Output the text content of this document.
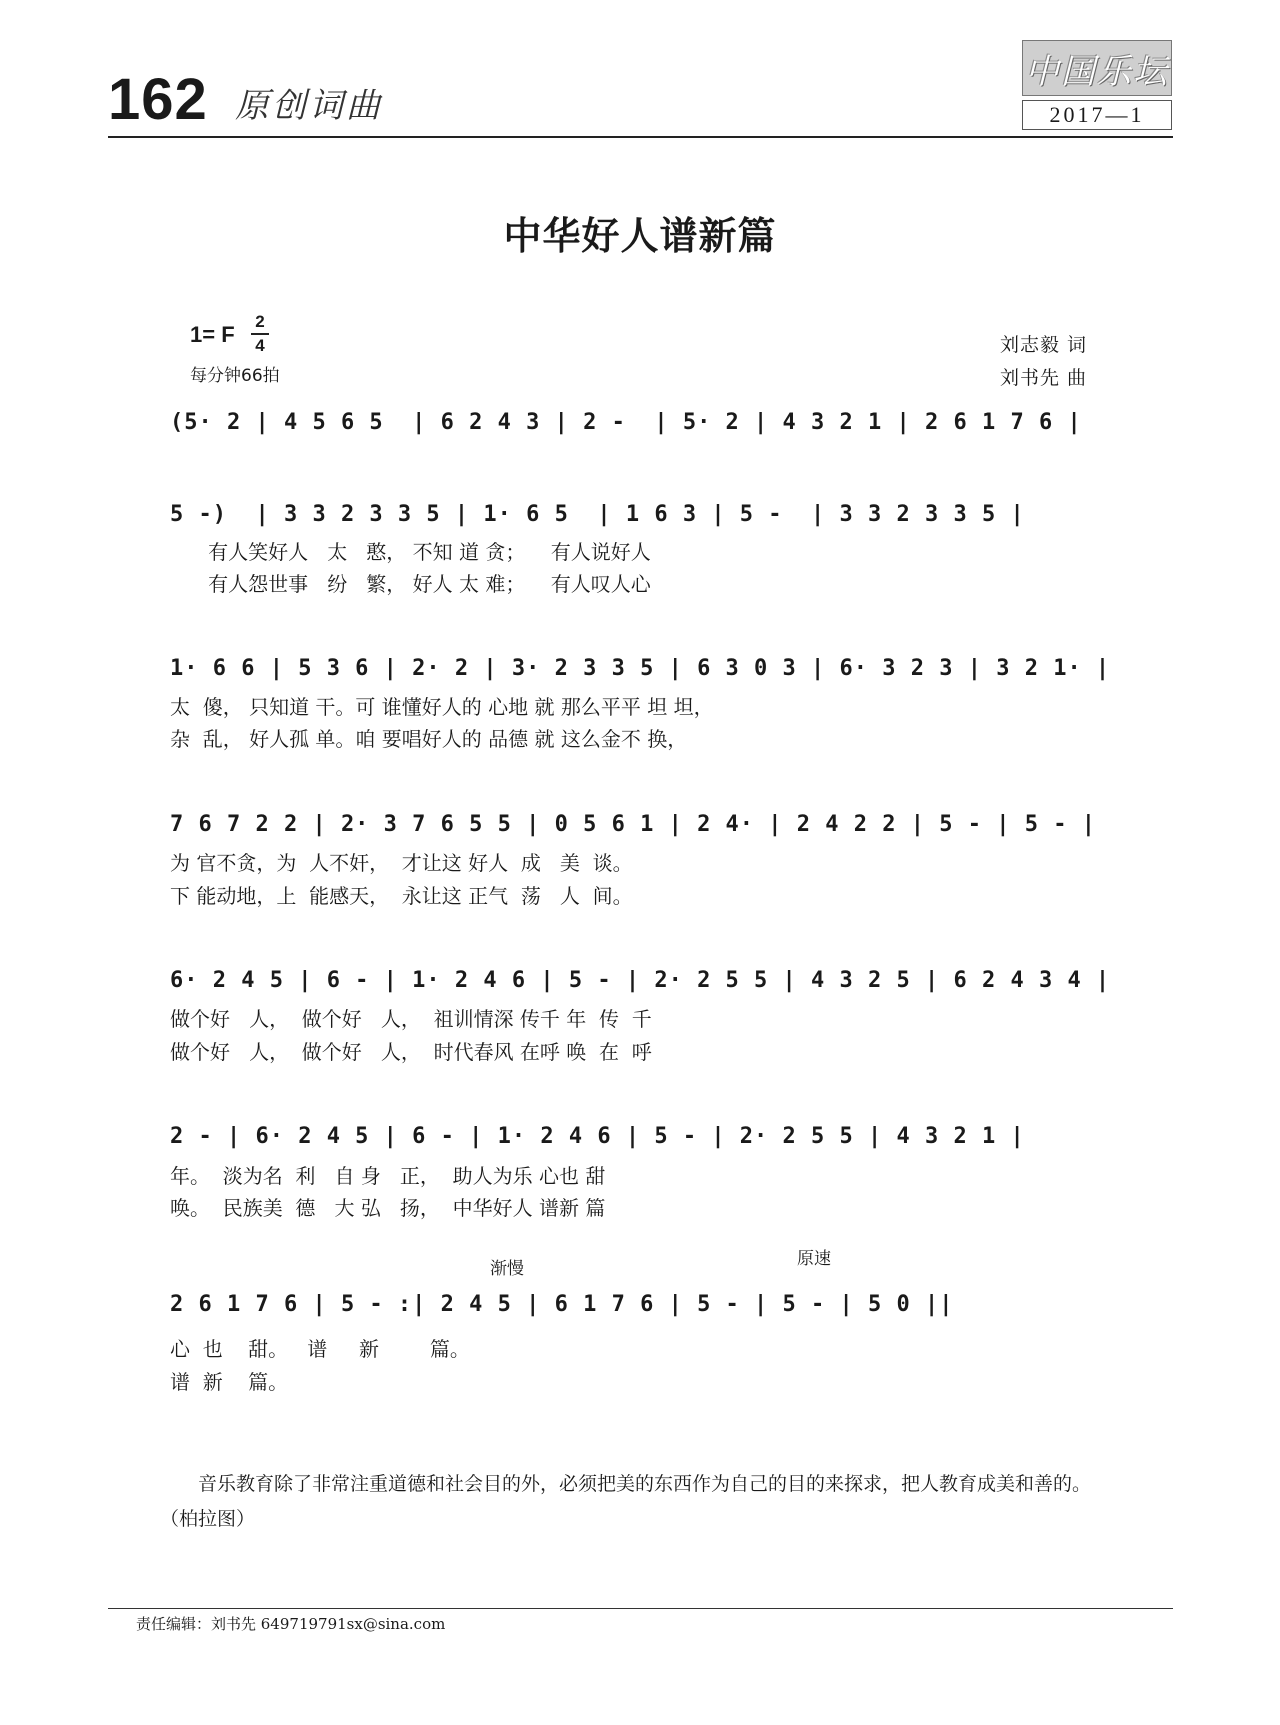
162 原创词曲
中国乐坛
2017—1
中华好人谱新篇
1= F
2
4
每分钟66拍
刘志毅 词
刘书先 曲
(5· 2 | 4 5 6 5  | 6 2 4 3 | 2 -  | 5· 2 | 4 3 2 1 | 2 6 1 7 6 |
5 -)  | 3 3 2 3 3 5 | 1· 6 5  | 1 6 3 | 5 -  | 3 3 2 3 3 5 |
有人笑好人   太   憨， 不知 道 贪；    有人说好人
有人怨世事   纷   繁， 好人 太 难；    有人叹人心
1· 6 6 | 5 3 6 | 2· 2 | 3· 2 3 3 5 | 6 3 0 3 | 6· 3 2 3 | 3 2 1· |
太  傻， 只知道 干。可 谁懂好人的 心地 就 那么平平 坦 坦，
杂  乱， 好人孤 单。咱 要唱好人的 品德 就 这么金不 换，
7 6 7 2 2 | 2· 3 7 6 5 5 | 0 5 6 1 | 2 4· | 2 4 2 2 | 5 - | 5 - |
为 官不贪，为  人不奸，  才让这 好人  成   美  谈。
下 能动地，上  能感天，  永让这 正气  荡   人  间。
6· 2 4 5 | 6 - | 1· 2 4 6 | 5 - | 2· 2 5 5 | 4 3 2 5 | 6 2 4 3 4 |
做个好   人，  做个好   人，  祖训情深 传千 年  传  千
做个好   人，  做个好   人，  时代春风 在呼 唤  在  呼
2 - | 6· 2 4 5 | 6 - | 1· 2 4 6 | 5 - | 2· 2 5 5 | 4 3 2 1 |
年。  淡为名  利   自 身   正，  助人为乐 心也 甜
唤。  民族美  德   大 弘   扬，  中华好人 谱新 篇
渐慢	原速
2 6 1 7 6 | 5 - :| 2 4 5 | 6 1 7 6 | 5 - | 5 - | 5 0 ||
心  也    甜。   谱     新        篇。
谱  新    篇。
音乐教育除了非常注重道德和社会目的外，必须把美的东西作为自己的目的来探求，把人教育成美和善的。（柏拉图）
责任编辑：刘书先 649719791sx@sina.com
